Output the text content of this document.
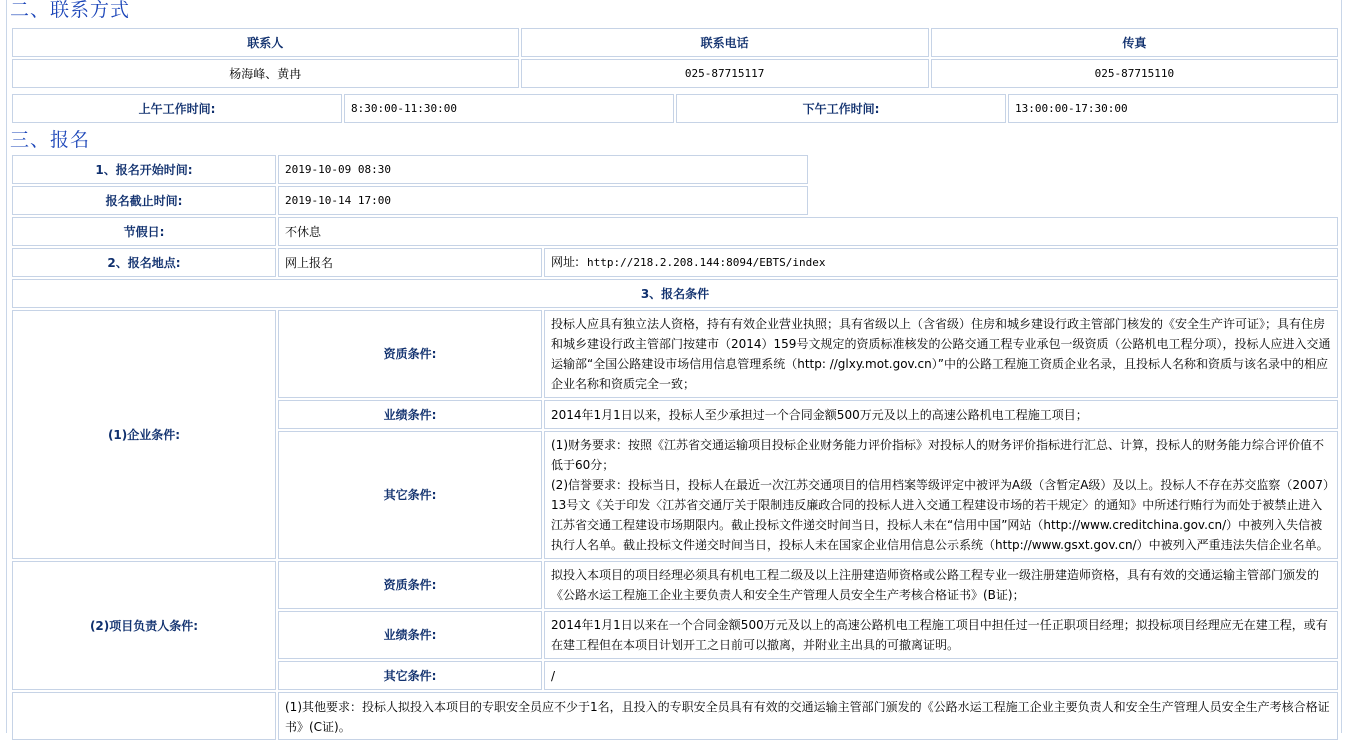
二、联系方式
联系人	联系电话	传真
杨海峰、黄冉	025-87715117	025-87715110
上午工作时间:	8:30:00-11:30:00	下午工作时间:	13:00:00-17:30:00
三、报名
1、报名开始时间:	2019-10-09 08:30		
报名截止时间:	2019-10-14 17:00		
节假日:	不休息		
2、报名地点:	网上报名	网址: http://218.2.208.144:8094/EBTS/index	
3、报名条件			
(1)企业条件:	资质条件:	投标人应具有独立法人资格，持有有效企业营业执照；具有省级以上（含省级）住房和城乡建设行政主管部门核发的《安全生产许可证》；具有住房和城乡建设行政主管部门按建市（2014）159号文规定的资质标准核发的公路交通工程专业承包一级资质（公路机电工程分项），投标人应进入交通运输部“全国公路建设市场信用信息管理系统（http: //glxy.mot.gov.cn）”中的公路工程施工资质企业名录，且投标人名称和资质与该名录中的相应企业名称和资质完全一致；	
	业绩条件:	2014年1月1日以来，投标人至少承担过一个合同金额500万元及以上的高速公路机电工程施工项目；	
	其它条件:	(1)财务要求：按照《江苏省交通运输项目投标企业财务能力评价指标》对投标人的财务评价指标进行汇总、计算，投标人的财务能力综合评价值不低于60分；
(2)信誉要求：投标当日，投标人在最近一次江苏交通项目的信用档案等级评定中被评为A级（含暂定A级）及以上。投标人不存在苏交监察（2007）13号文《关于印发〈江苏省交通厅关于限制违反廉政合同的投标人进入交通工程建设市场的若干规定〉的通知》中所述行贿行为而处于被禁止进入江苏省交通工程建设市场期限内。截止投标文件递交时间当日，投标人未在“信用中国”网站（http://www.creditchina.gov.cn/）中被列入失信被执行人名单。截止投标文件递交时间当日，投标人未在国家企业信用信息公示系统（http://www.gsxt.gov.cn/）中被列入严重违法失信企业名单。	

(2)项目负责人条件:	资质条件:	拟投入本项目的项目经理必须具有机电工程二级及以上注册建造师资格或公路工程专业一级注册建造师资格，具有有效的交通运输主管部门颁发的《公路水运工程施工企业主要负责人和安全生产管理人员安全生产考核合格证书》(B证)；	
	业绩条件:	2014年1月1日以来在一个合同金额500万元及以上的高速公路机电工程施工项目中担任过一任正职项目经理；拟投标项目经理应无在建工程，或有在建工程但在本项目计划开工之日前可以撤离，并附业主出具的可撤离证明。	
	其它条件:	/	
	(1)其他要求：投标人拟投入本项目的专职安全员应不少于1名，且投入的专职安全员具有有效的交通运输主管部门颁发的《公路水运工程施工企业主要负责人和安全生产管理人员安全生产考核合格证书》(C证)。		
